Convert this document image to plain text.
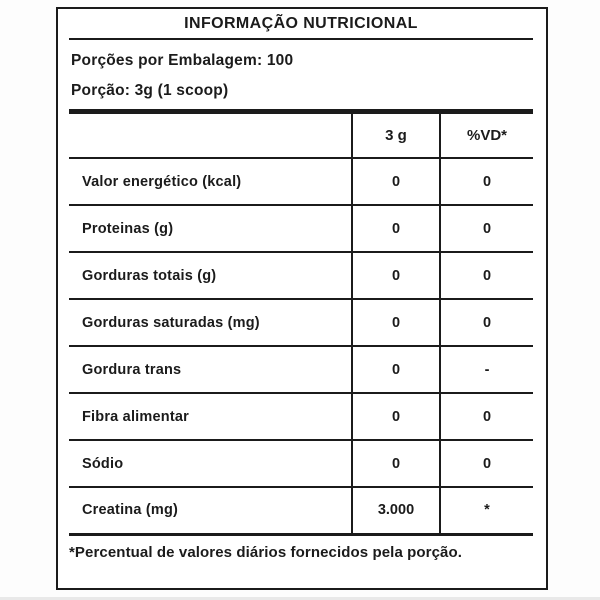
INFORMAÇÃO NUTRICIONAL
Porções por Embalagem: 100
Porção: 3g (1 scoop)
	3 g	%VD*
Valor energético (kcal)	0	0
Proteinas (g)	0	0
Gorduras totais (g)	0	0
Gorduras saturadas (mg)	0	0
Gordura trans	0	-
Fibra alimentar	0	0
Sódio	0	0
Creatina (mg)	3.000	*
*Percentual de valores diários fornecidos pela porção.
